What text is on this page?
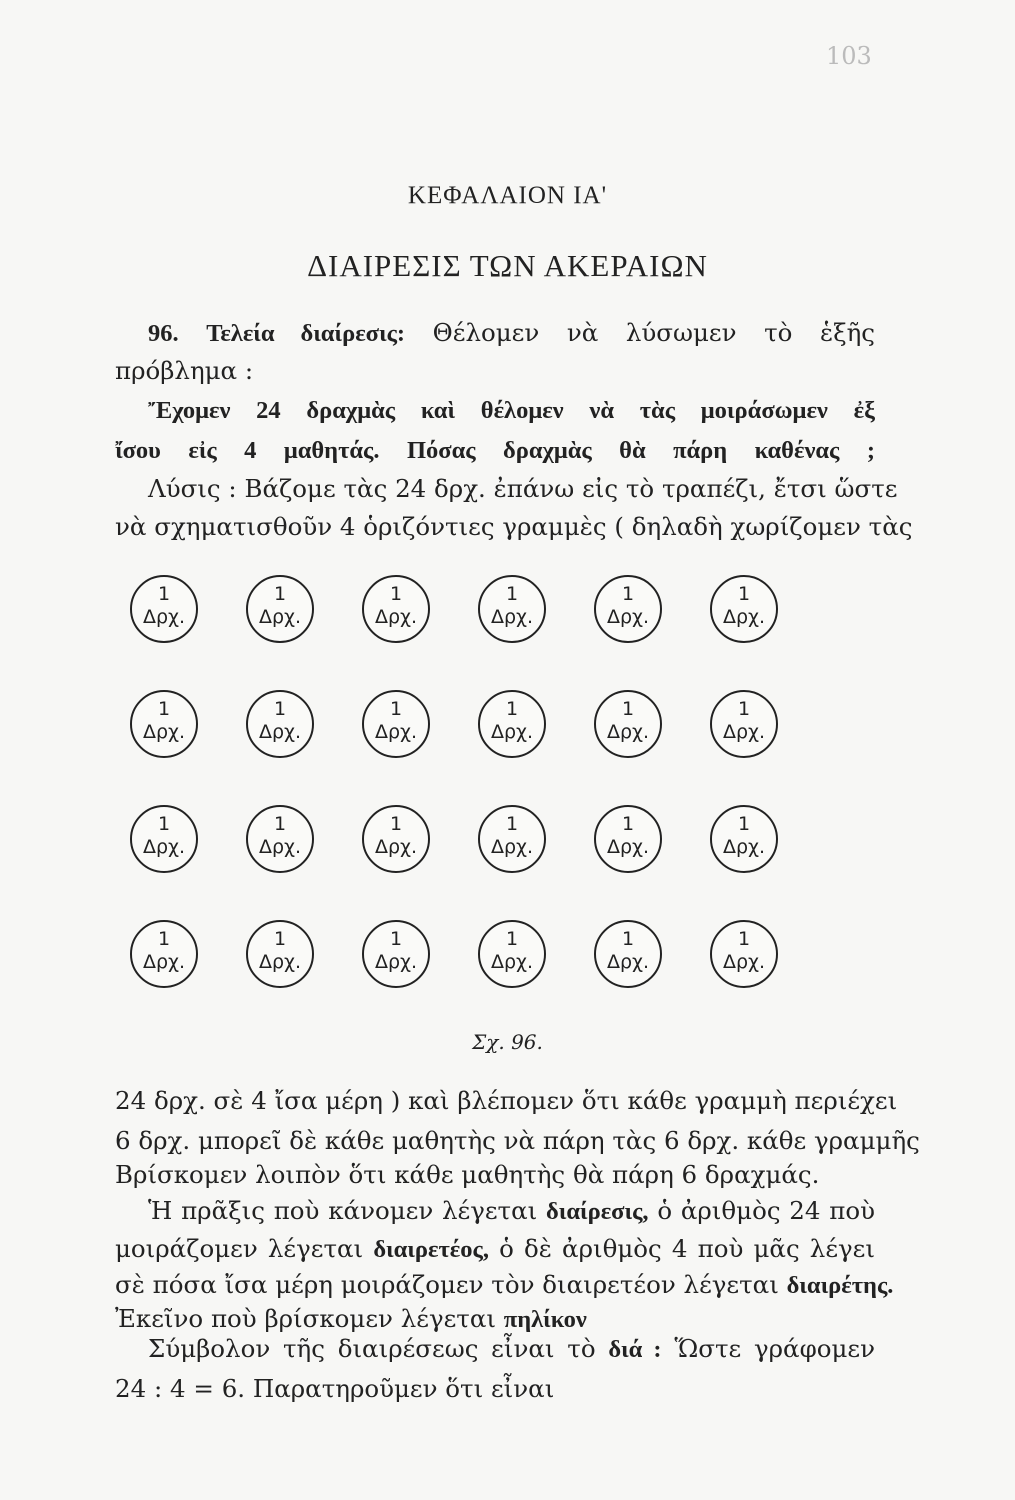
103
ΚΕΦΑΛΑΙΟΝ ΙΑ'
ΔΙΑΙΡΕΣΙΣ ΤΩΝ ΑΚΕΡΑΙΩΝ
96. Τελεία διαίρεσις: Θέλομεν νὰ λύσωμεν τὸ ἑξῆς
πρόβλημα :
Ἔχομεν 24 δραχμὰς καὶ θέλομεν νὰ τὰς μοιράσωμεν ἐξ
ἴσου εἰς 4 μαθητάς. Πόσας δραχμὰς θὰ πάρη καθένας ;
Λύσις : Βάζομε τὰς 24 δρχ. ἐπάνω εἰς τὸ τραπέζι, ἔτσι ὥστε
νὰ σχηματισθοῦν 4 ὁριζόντιες γραμμὲς ( δηλαδὴ χωρίζομεν τὰς
1
Δρχ.
1
Δρχ.
1
Δρχ.
1
Δρχ.
1
Δρχ.
1
Δρχ.
1
Δρχ.
1
Δρχ.
1
Δρχ.
1
Δρχ.
1
Δρχ.
1
Δρχ.
1
Δρχ.
1
Δρχ.
1
Δρχ.
1
Δρχ.
1
Δρχ.
1
Δρχ.
1
Δρχ.
1
Δρχ.
1
Δρχ.
1
Δρχ.
1
Δρχ.
1
Δρχ.
Σχ. 96.
24 δρχ. σὲ 4 ἴσα μέρη ) καὶ βλέπομεν ὅτι κάθε γραμμὴ περιέχει
6 δρχ. μπορεῖ δὲ κάθε μαθητὴς νὰ πάρη τὰς 6 δρχ. κάθε γραμμῆς
Βρίσκομεν λοιπὸν ὅτι κάθε μαθητὴς θὰ πάρη 6 δραχμάς.
Ἡ πρᾶξις ποὺ κάνομεν λέγεται διαίρεσις, ὁ ἀριθμὸς 24 ποὺ
μοιράζομεν λέγεται διαιρετέος, ὁ δὲ ἀριθμὸς 4 ποὺ μᾶς λέγει
σὲ πόσα ἴσα μέρη μοιράζομεν τὸν διαιρετέον λέγεται διαιρέτης.
Ἐκεῖνο ποὺ βρίσκομεν λέγεται πηλίκον
Σύμβολον τῆς διαιρέσεως εἶναι τὸ διά : Ὥστε γράφομεν
24 : 4 = 6. Παρατηροῦμεν ὅτι εἶναι
